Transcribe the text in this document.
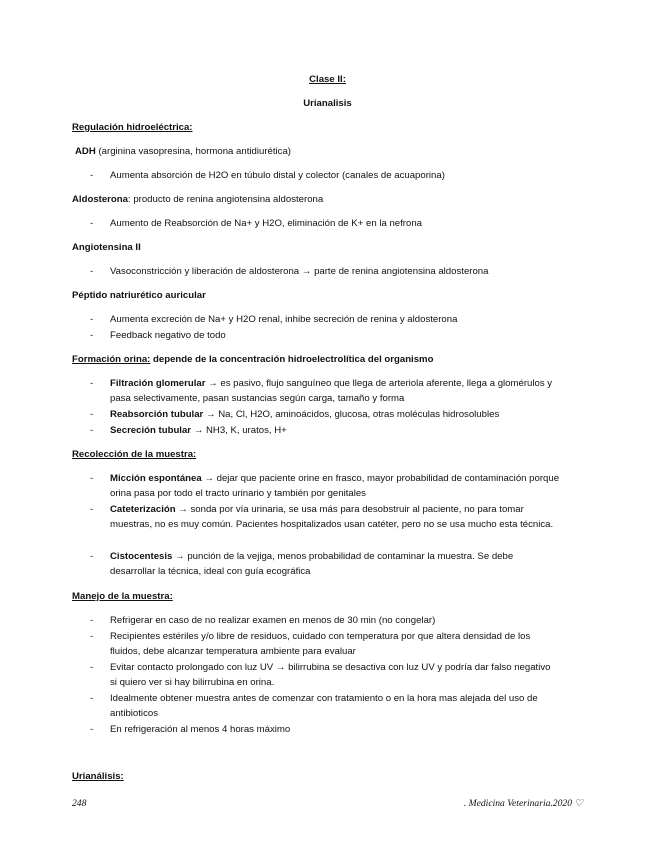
Clase II:
Urianalisis
Regulación hidroeléctrica:
ADH (arginina vasopresina, hormona antidiurética)
-	Aumenta absorción de H2O en túbulo distal y colector (canales de acuaporina)
Aldosterona: producto de renina angiotensina aldosterona
-	Aumento de Reabsorción de Na+ y H2O, eliminación de K+ en la nefrona
Angiotensina II
-	Vasoconstricción y liberación de aldosterona → parte de renina angiotensina aldosterona
Péptido natriurético auricular
-	Aumenta excreción de Na+ y H2O renal, inhibe secreción de renina y aldosterona
-	Feedback negativo de todo
Formación orina: depende de la concentración hidroelectrolítica del organismo
-	Filtración glomerular → es pasivo, flujo sanguíneo que llega de arteriola aferente, llega a glomérulos y pasa selectivamente, pasan sustancias según carga, tamaño y forma
-	Reabsorción tubular → Na, Cl, H2O, aminoácidos, glucosa, otras moléculas hidrosolubles
-	Secreción tubular → NH3, K, uratos, H+
Recolección de la muestra:
-	Micción espontánea → dejar que paciente orine en frasco, mayor probabilidad de contaminación porque orina pasa por todo el tracto urinario y también por genitales
-	Cateterización → sonda por vía urinaria, se usa más para desobstruir al paciente, no para tomar muestras, no es muy común. Pacientes hospitalizados usan catéter, pero no se usa mucho esta técnica.
-	Cistocentesis → punción de la vejiga, menos probabilidad de contaminar la muestra. Se debe desarrollar la técnica, ideal con guía ecográfica
Manejo de la muestra:
-	Refrigerar en caso de no realizar examen en menos de 30 min (no congelar)
-	Recipientes estériles y/o libre de residuos, cuidado con temperatura por que altera densidad de los fluidos, debe alcanzar temperatura ambiente para evaluar
-	Evitar contacto prolongado con luz UV → bilirrubina se desactiva con luz UV y podría dar falso negativo si quiero ver si hay bilirrubina en orina.
-	Idealmente obtener muestra antes de comenzar con tratamiento o en la hora mas alejada del uso de antibioticos
-	En refrigeración al menos 4 horas máximo
Urianálisis:
248	. Medicina Veterinaria.2020 ♡
